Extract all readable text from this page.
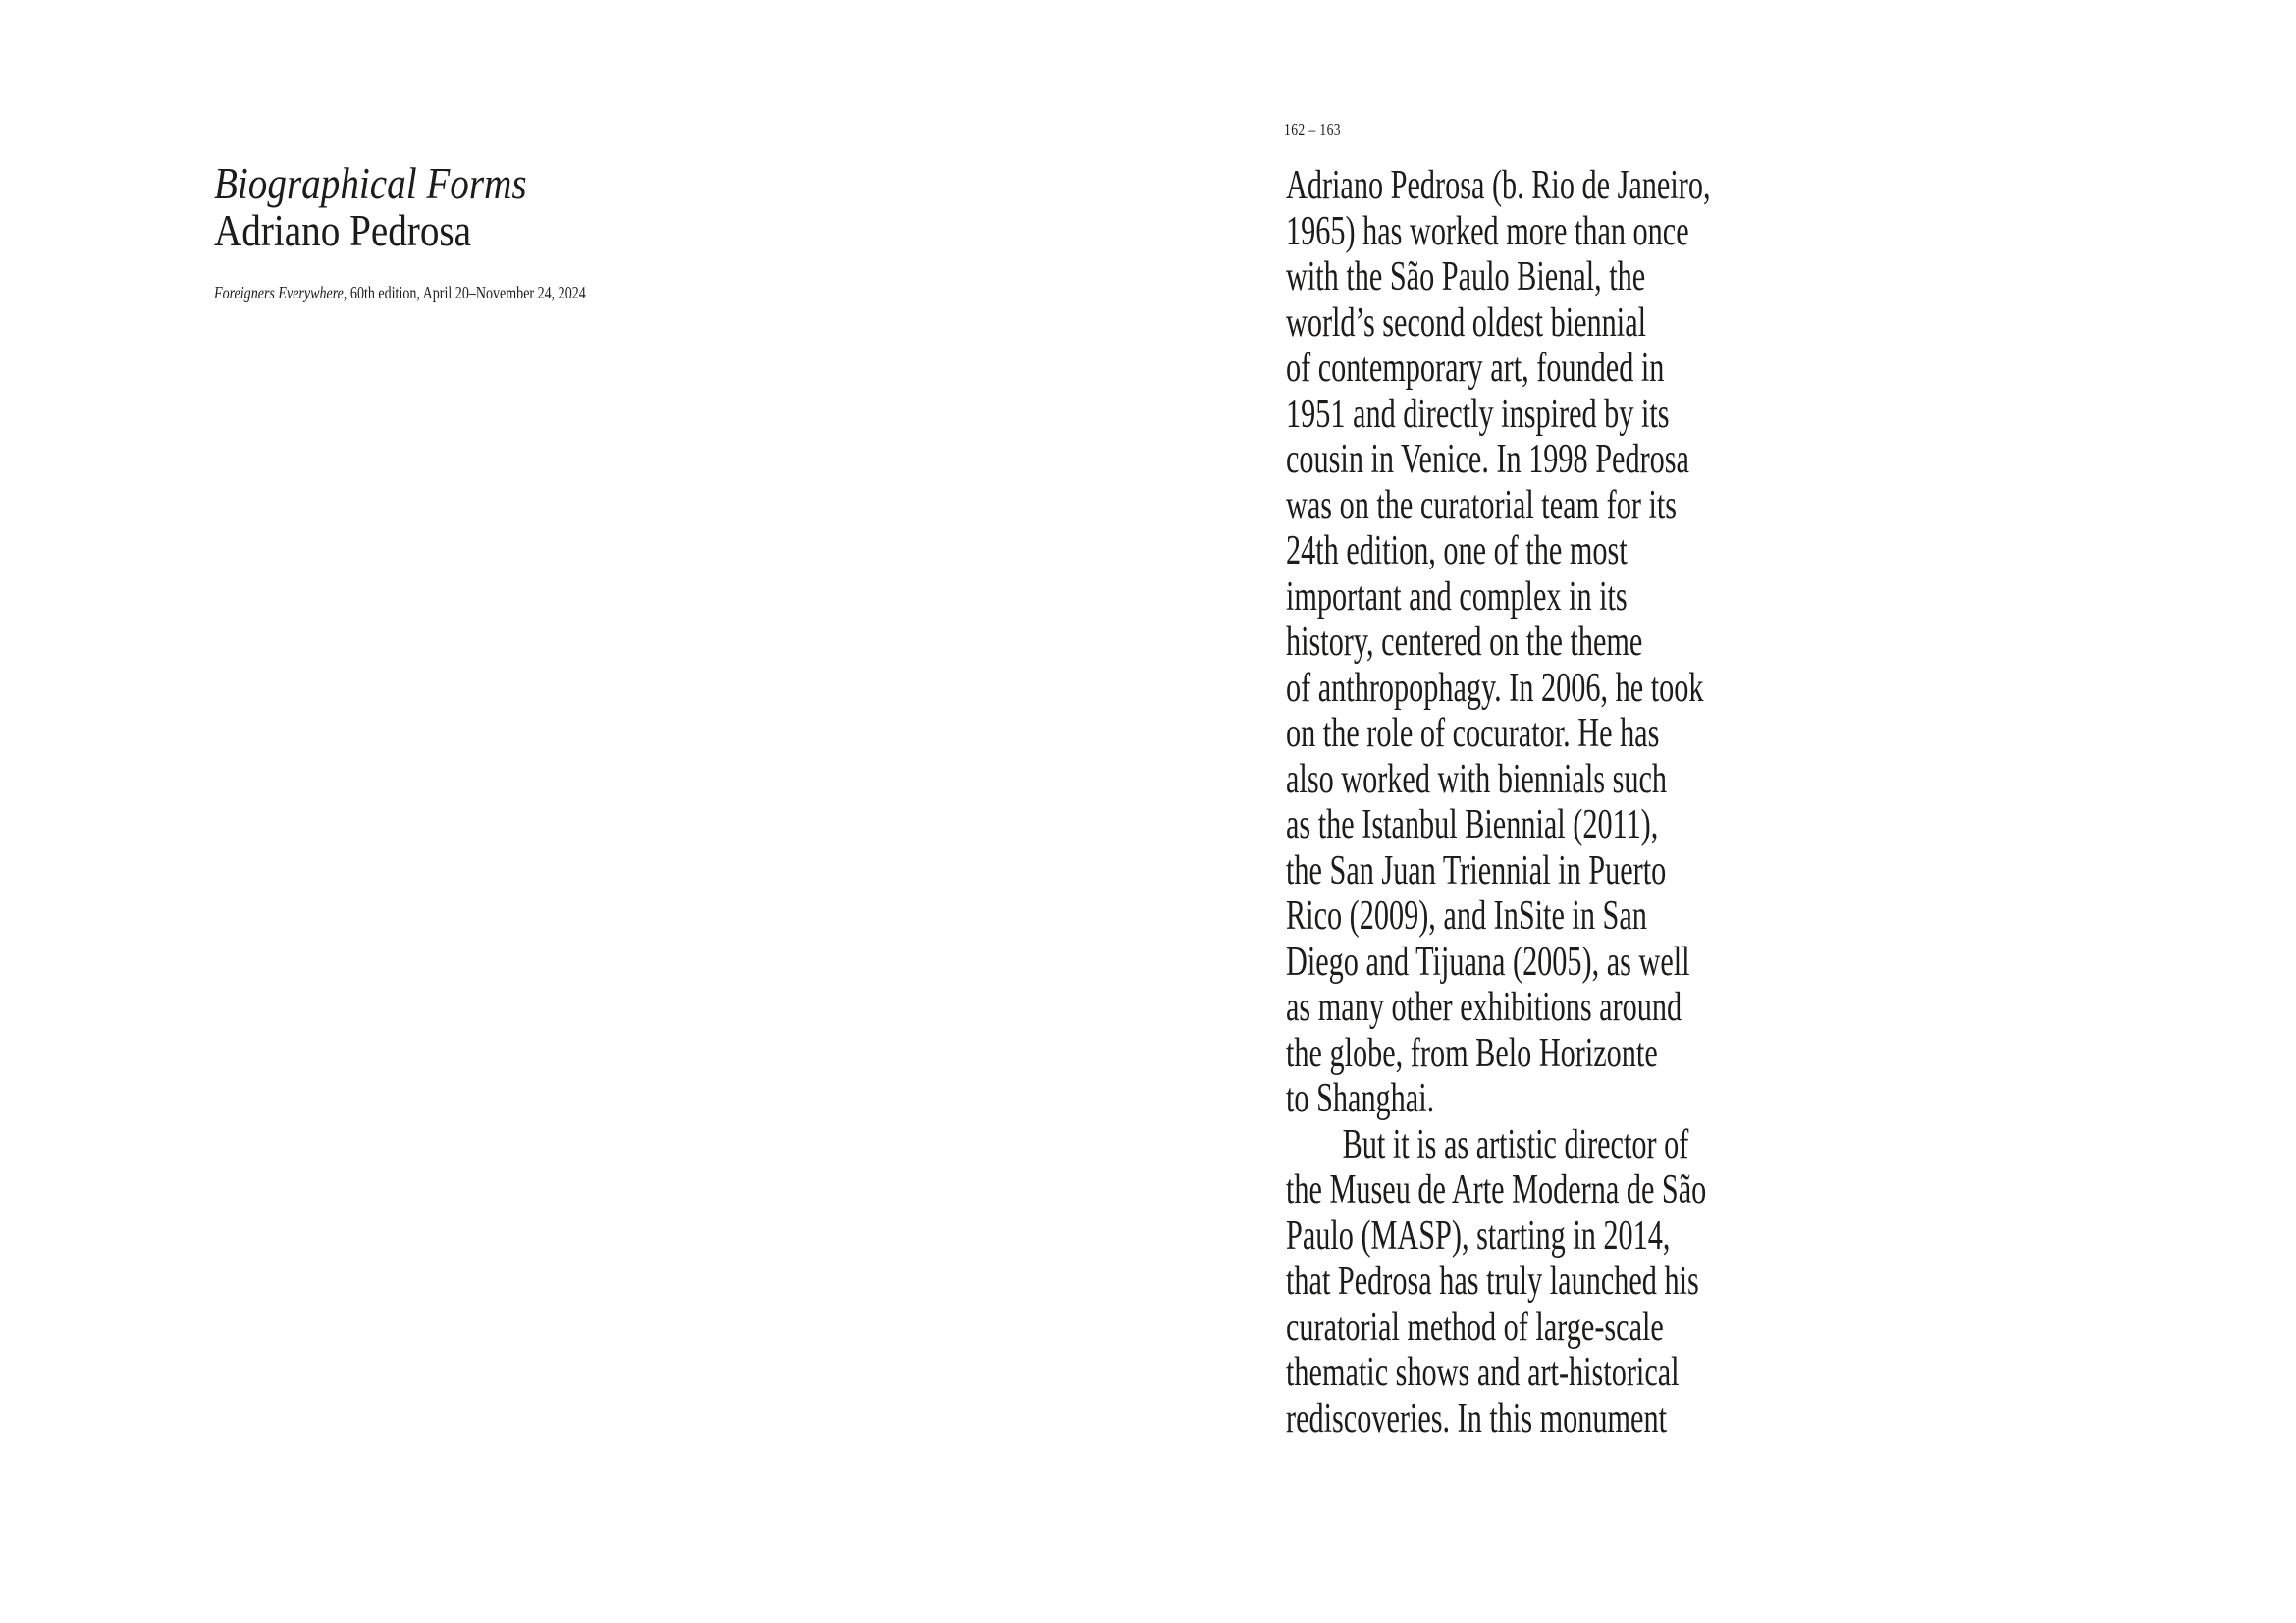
Biographical Forms
Adriano Pedrosa
Foreigners Everywhere, 60th edition, April 20–November 24, 2024
162 – 163
Adriano Pedrosa (b. Rio de Janeiro,
1965) has worked more than once
with the São Paulo Bienal, the
world’s second oldest biennial
of contemporary art, founded in
1951 and directly inspired by its
cousin in Venice. In 1998 Pedrosa
was on the curatorial team for its
24th edition, one of the most
important and complex in its
history, centered on the theme
of anthropophagy. In 2006, he took
on the role of cocurator. He has
also worked with biennials such
as the Istanbul Biennial (2011),
the San Juan Triennial in Puerto
Rico (2009), and InSite in San
Diego and Tijuana (2005), as well
as many other exhibitions around
the globe, from Belo Horizonte
to Shanghai.
But it is as artistic director of
the Museu de Arte Moderna de São
Paulo (MASP), starting in 2014,
that Pedrosa has truly launched his
curatorial method of large-scale
thematic shows and art-historical
rediscoveries. In this monument
